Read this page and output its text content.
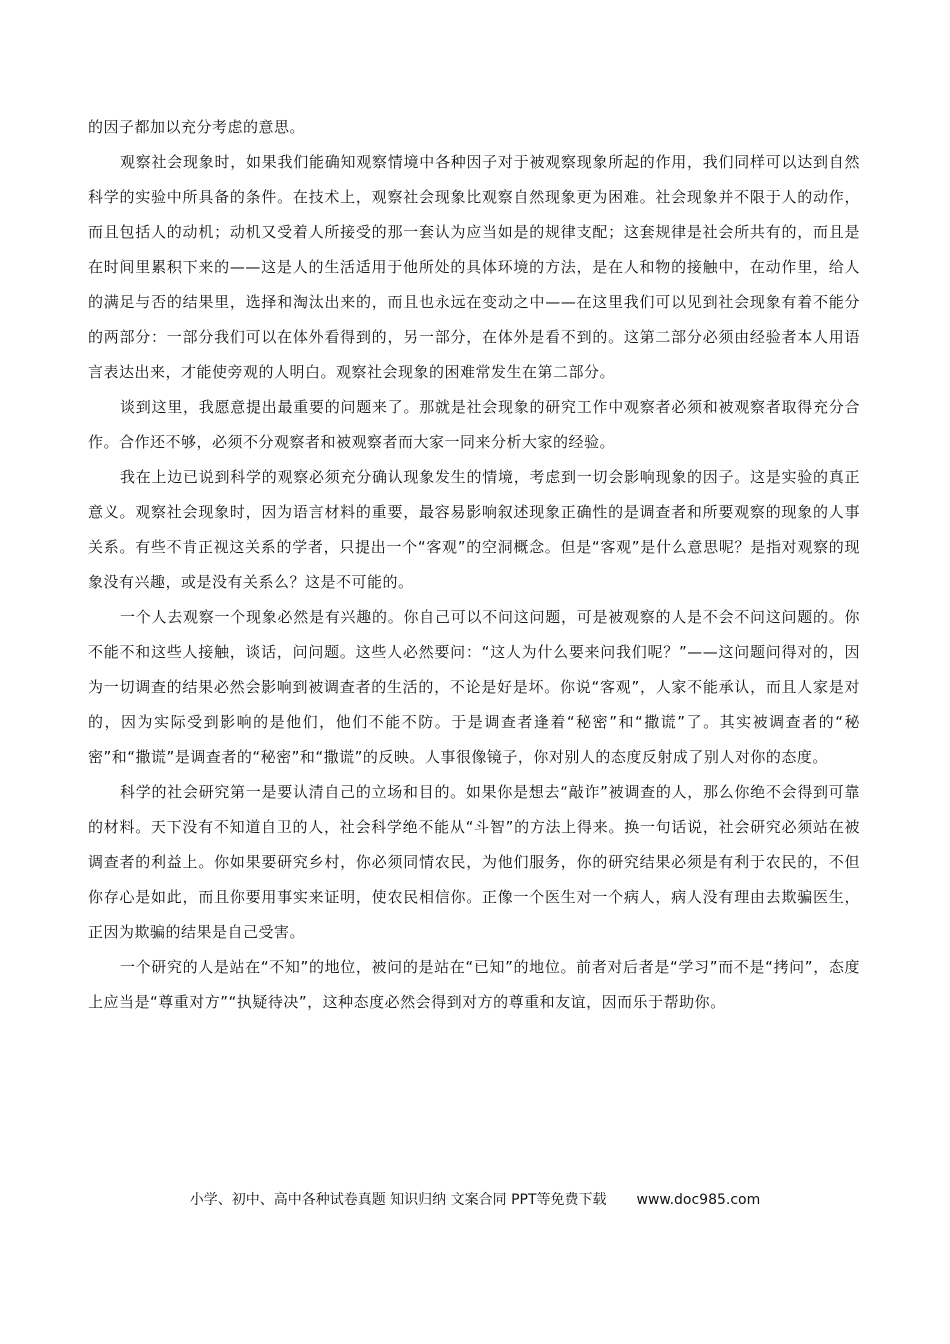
的因子都加以充分考虑的意思。

观察社会现象时，如果我们能确知观察情境中各种因子对于被观察现象所起的作用，我们同样可以达到自然科学的实验中所具备的条件。在技术上，观察社会现象比观察自然现象更为困难。社会现象并不限于人的动作，而且包括人的动机；动机又受着人所接受的那一套认为应当如是的规律支配；这套规律是社会所共有的，而且是在时间里累积下来的——这是人的生活适用于他所处的具体环境的方法，是在人和物的接触中，在动作里，给人的满足与否的结果里，选择和淘汰出来的，而且也永远在变动之中——在这里我们可以见到社会现象有着不能分的两部分：一部分我们可以在体外看得到的，另一部分，在体外是看不到的。这第二部分必须由经验者本人用语言表达出来，才能使旁观的人明白。观察社会现象的困难常发生在第二部分。

谈到这里，我愿意提出最重要的问题来了。那就是社会现象的研究工作中观察者必须和被观察者取得充分合作。合作还不够，必须不分观察者和被观察者而大家一同来分析大家的经验。

我在上边已说到科学的观察必须充分确认现象发生的情境，考虑到一切会影响现象的因子。这是实验的真正意义。观察社会现象时，因为语言材料的重要，最容易影响叙述现象正确性的是调查者和所要观察的现象的人事关系。有些不肯正视这关系的学者，只提出一个“客观”的空洞概念。但是“客观”是什么意思呢？是指对观察的现象没有兴趣，或是没有关系么？这是不可能的。

一个人去观察一个现象必然是有兴趣的。你自己可以不问这问题，可是被观察的人是不会不问这问题的。你不能不和这些人接触，谈话，问问题。这些人必然要问：“这人为什么要来问我们呢？”——这问题问得对的，因为一切调查的结果必然会影响到被调查者的生活的，不论是好是坏。你说“客观”，人家不能承认，而且人家是对的，因为实际受到影响的是他们，他们不能不防。于是调查者逢着“秘密”和“撒谎”了。其实被调查者的“秘密”和“撒谎”是调查者的“秘密”和“撒谎”的反映。人事很像镜子，你对别人的态度反射成了别人对你的态度。

科学的社会研究第一是要认清自己的立场和目的。如果你是想去“敲诈”被调查的人，那么你绝不会得到可靠的材料。天下没有不知道自卫的人，社会科学绝不能从“斗智”的方法上得来。换一句话说，社会研究必须站在被调查者的利益上。你如果要研究乡村，你必须同情农民，为他们服务，你的研究结果必须是有利于农民的，不但你存心是如此，而且你要用事实来证明，使农民相信你。正像一个医生对一个病人，病人没有理由去欺骗医生，正因为欺骗的结果是自己受害。

一个研究的人是站在“不知”的地位，被问的是站在“已知”的地位。前者对后者是“学习”而不是“拷问”，态度上应当是“尊重对方”“执疑待决”，这种态度必然会得到对方的尊重和友谊，因而乐于帮助你。

小学、初中、高中各种试卷真题 知识归纳 文案合同 PPT等免费下载 www.doc985.com
